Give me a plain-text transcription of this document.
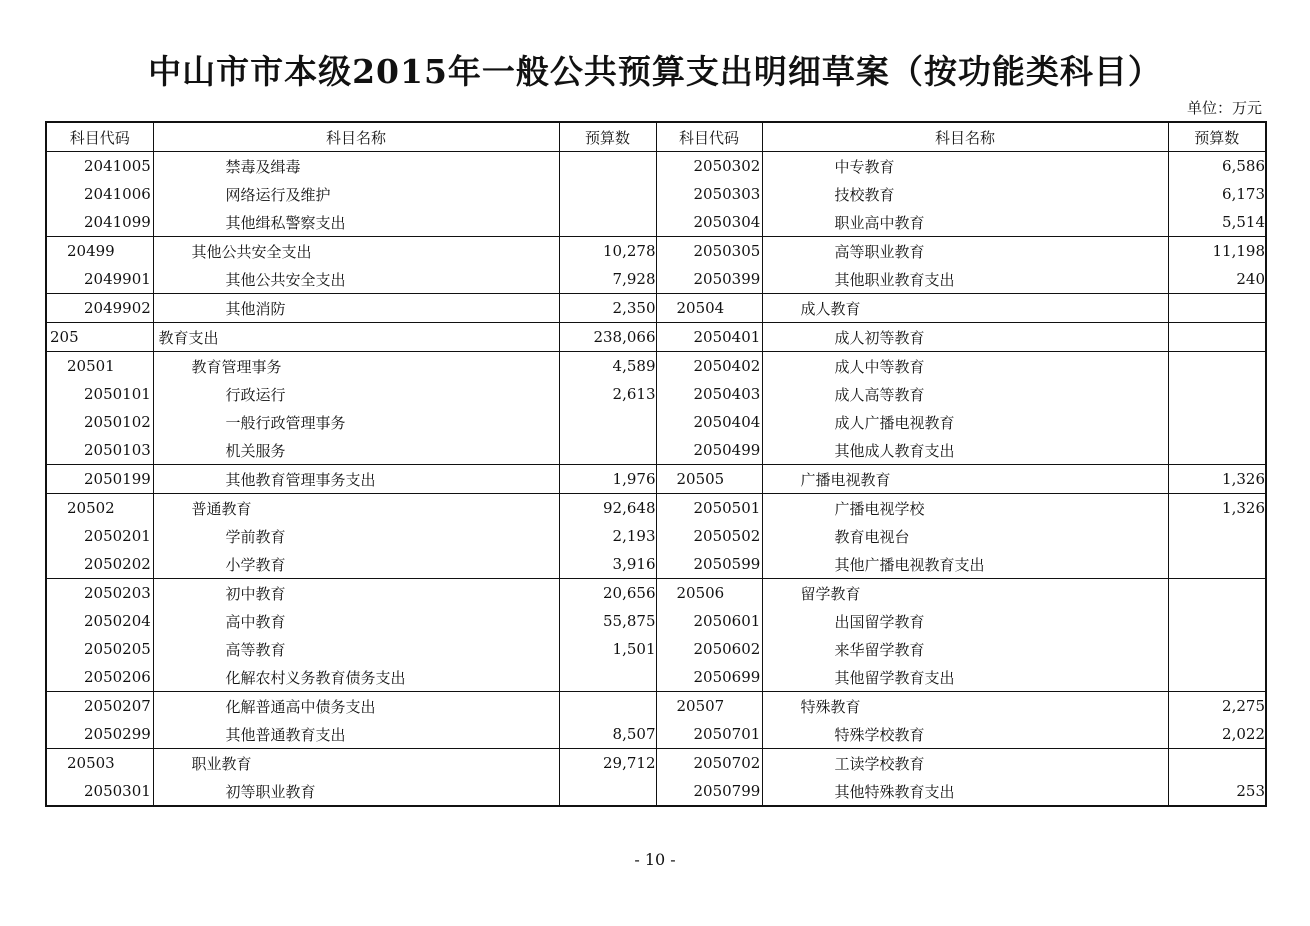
中山市市本级2015年一般公共预算支出明细草案（按功能类科目）
单位：万元
科目代码	科目名称	预算数	科目代码	科目名称	预算数
2041005	禁毒及缉毒		2050302	中专教育	6,586
2041006	网络运行及维护		2050303	技校教育	6,173
2041099	其他缉私警察支出		2050304	职业高中教育	5,514
20499	其他公共安全支出	10,278	2050305	高等职业教育	11,198
2049901	其他公共安全支出	7,928	2050399	其他职业教育支出	240
2049902	其他消防	2,350	20504	成人教育	
205	教育支出	238,066	2050401	成人初等教育	
20501	教育管理事务	4,589	2050402	成人中等教育	
2050101	行政运行	2,613	2050403	成人高等教育	
2050102	一般行政管理事务		2050404	成人广播电视教育	
2050103	机关服务		2050499	其他成人教育支出	
2050199	其他教育管理事务支出	1,976	20505	广播电视教育	1,326
20502	普通教育	92,648	2050501	广播电视学校	1,326
2050201	学前教育	2,193	2050502	教育电视台	
2050202	小学教育	3,916	2050599	其他广播电视教育支出	
2050203	初中教育	20,656	20506	留学教育	
2050204	高中教育	55,875	2050601	出国留学教育	
2050205	高等教育	1,501	2050602	来华留学教育	
2050206	化解农村义务教育债务支出		2050699	其他留学教育支出	
2050207	化解普通高中债务支出		20507	特殊教育	2,275
2050299	其他普通教育支出	8,507	2050701	特殊学校教育	2,022
20503	职业教育	29,712	2050702	工读学校教育	
2050301	初等职业教育		2050799	其他特殊教育支出	253
- 10 -
